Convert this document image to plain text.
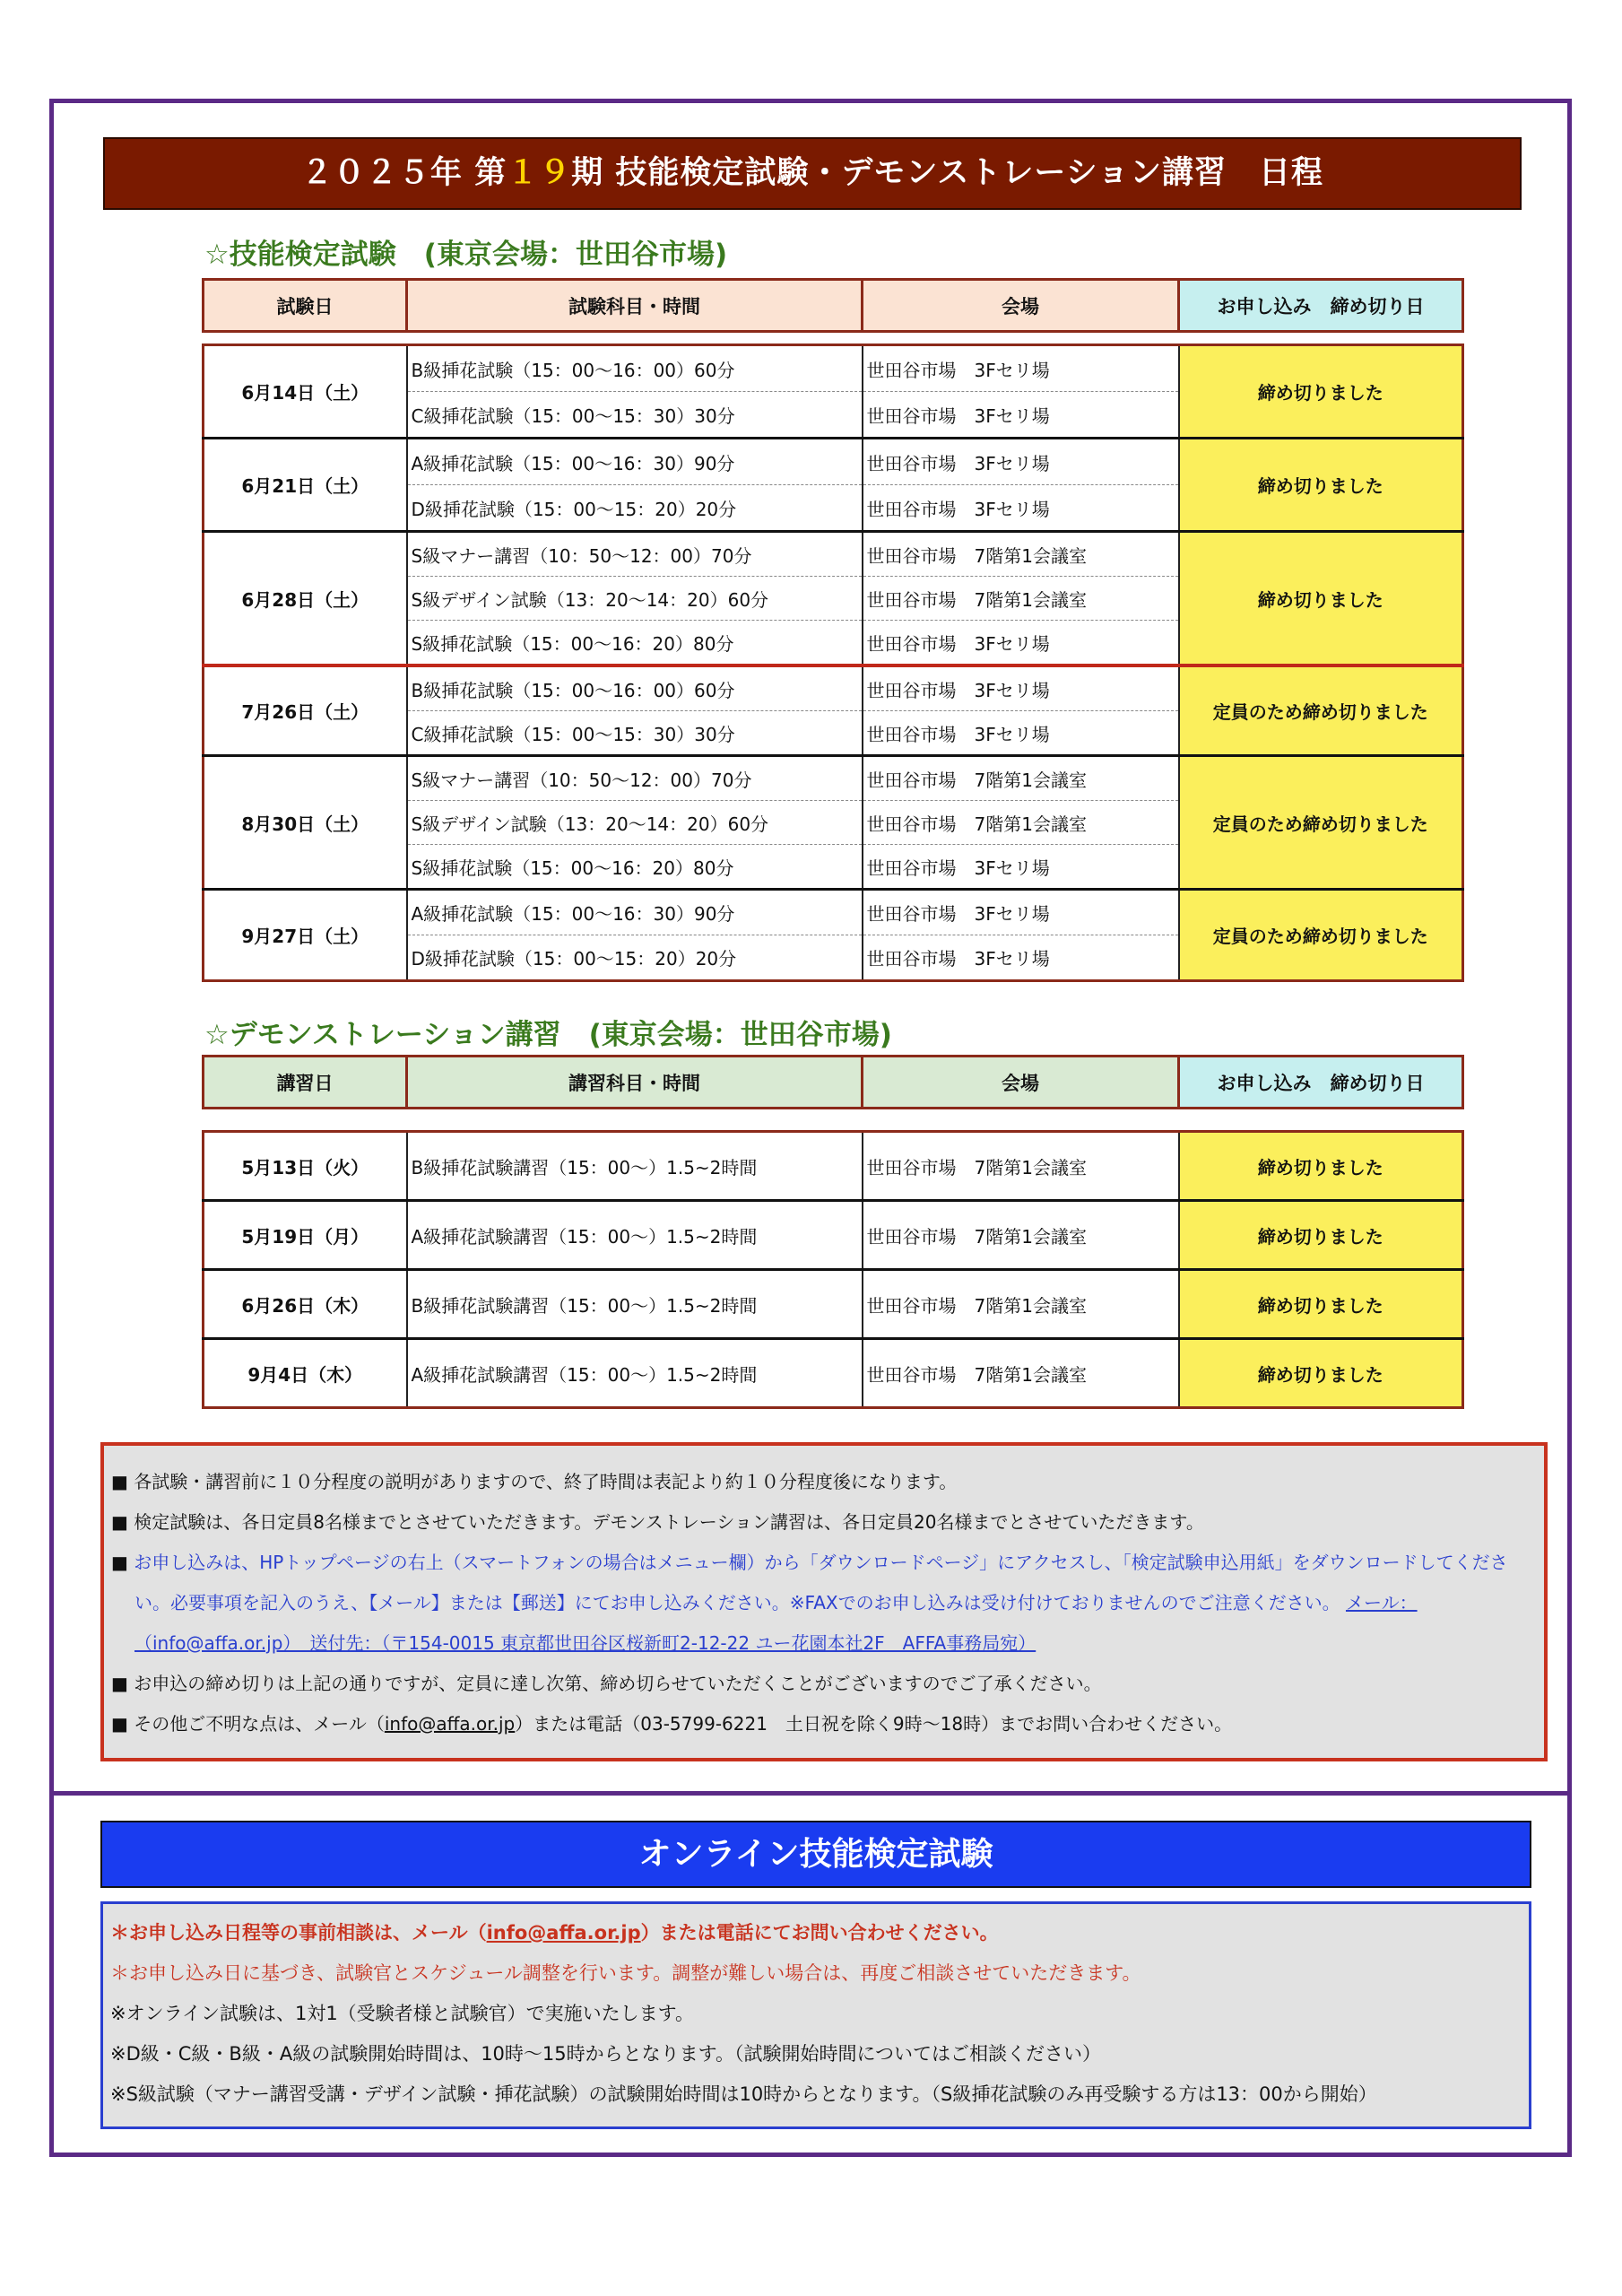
２０２５年 第１９期 技能検定試験・デモンストレーション講習　日程
☆技能検定試験　(東京会場：世田谷市場)
試験日	試験科目・時間	会場	お申し込み　締め切り日
6月14日（土）	B級挿花試験（15：00〜16：00）60分	世田谷市場　3Fセリ場	締め切りました
	C級挿花試験（15：00〜15：30）30分	世田谷市場　3Fセリ場	
6月21日（土）	A級挿花試験（15：00〜16：30）90分	世田谷市場　3Fセリ場	締め切りました
	D級挿花試験（15：00〜15：20）20分	世田谷市場　3Fセリ場	
6月28日（土）	S級マナー講習（10：50〜12：00）70分	世田谷市場　7階第1会議室	締め切りました
	S級デザイン試験（13：20〜14：20）60分	世田谷市場　7階第1会議室	
	S級挿花試験（15：00〜16：20）80分	世田谷市場　3Fセリ場	
7月26日（土）	B級挿花試験（15：00〜16：00）60分	世田谷市場　3Fセリ場	定員のため締め切りました
	C級挿花試験（15：00〜15：30）30分	世田谷市場　3Fセリ場	
8月30日（土）	S級マナー講習（10：50〜12：00）70分	世田谷市場　7階第1会議室	定員のため締め切りました
	S級デザイン試験（13：20〜14：20）60分	世田谷市場　7階第1会議室	
	S級挿花試験（15：00〜16：20）80分	世田谷市場　3Fセリ場	
9月27日（土）	A級挿花試験（15：00〜16：30）90分	世田谷市場　3Fセリ場	定員のため締め切りました
	D級挿花試験（15：00〜15：20）20分	世田谷市場　3Fセリ場	
☆デモンストレーション講習　(東京会場：世田谷市場)
講習日	講習科目・時間	会場	お申し込み　締め切り日
5月13日（火）	B級挿花試験講習（15：00〜）1.5~2時間	世田谷市場　7階第1会議室	締め切りました
5月19日（月）	A級挿花試験講習（15：00〜）1.5~2時間	世田谷市場　7階第1会議室	締め切りました
6月26日（木）	B級挿花試験講習（15：00〜）1.5~2時間	世田谷市場　7階第1会議室	締め切りました
9月4日（木）	A級挿花試験講習（15：00〜）1.5~2時間	世田谷市場　7階第1会議室	締め切りました
■ 各試験・講習前に１０分程度の説明がありますので、終了時間は表記より約１０分程度後になります。
■ 検定試験は、各日定員8名様までとさせていただきます。デモンストレーション講習は、各日定員20名様までとさせていただきます。
■ お申し込みは、HPトップページの右上（スマートフォンの場合はメニュー欄）から「ダウンロードページ」にアクセスし、「検定試験申込用紙」をダウンロードしてください。必要事項を記入のうえ、【メール】または【郵送】にてお申し込みください。※FAXでのお申し込みは受け付けておりませんのでご注意ください。 メール：（info@affa.or.jp）　送付先：（〒154-0015 東京都世田谷区桜新町2-12-22 ユー花園本社2F　AFFA事務局宛）
■ お申込の締め切りは上記の通りですが、定員に達し次第、締め切らせていただくことがございますのでご了承ください。
■ その他ご不明な点は、メール（info@affa.or.jp）または電話（03-5799-6221　土日祝を除く9時〜18時）までお問い合わせください。
オンライン技能検定試験
＊お申し込み日程等の事前相談は、メール（info@affa.or.jp）または電話にてお問い合わせください。
＊お申し込み日に基づき、試験官とスケジュール調整を行います。調整が難しい場合は、再度ご相談させていただきます。
※オンライン試験は、1対1（受験者様と試験官）で実施いたします。
※D級・C級・B級・A級の試験開始時間は、10時〜15時からとなります。（試験開始時間についてはご相談ください）
※S級試験（マナー講習受講・デザイン試験・挿花試験）の試験開始時間は10時からとなります。（S級挿花試験のみ再受験する方は13：00から開始）
